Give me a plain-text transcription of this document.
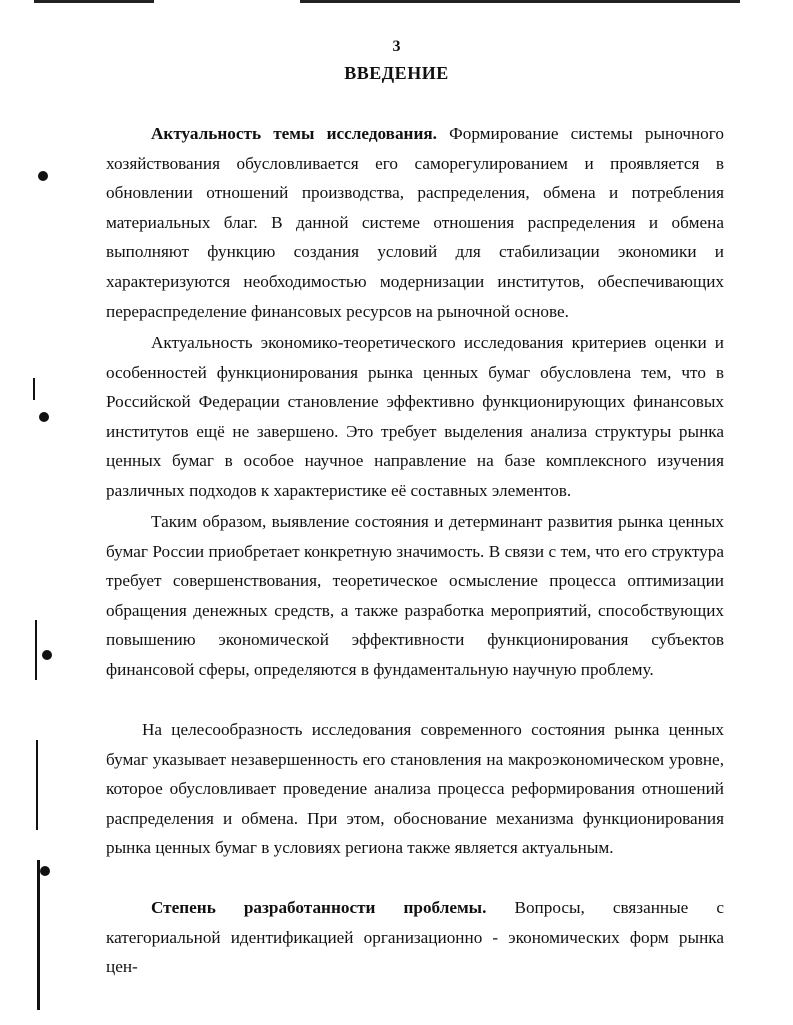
3
ВВЕДЕНИЕ

Актуальность темы исследования. Формирование системы рыночного хозяйствования обусловливается его саморегулированием и проявляется в обновлении отношений производства, распределения, обмена и потребления материальных благ. В данной системе отношения распределения и обмена выполняют функцию создания условий для стабилизации экономики и характеризуются необходимостью модернизации институтов, обеспечивающих перераспределение финансовых ресурсов на рыночной основе.

Актуальность экономико-теоретического исследования критериев оценки и особенностей функционирования рынка ценных бумаг обусловлена тем, что в Российской Федерации становление эффективно функционирующих финансовых институтов ещё не завершено. Это требует выделения анализа структуры рынка ценных бумаг в особое научное направление на базе комплексного изучения различных подходов к характеристике её составных элементов.

Таким образом, выявление состояния и детерминант развития рынка ценных бумаг России приобретает конкретную значимость. В связи с тем, что его структура требует совершенствования, теоретическое осмысление процесса оптимизации обращения денежных средств, а также разработка мероприятий, способствующих повышению экономической эффективности функционирования субъектов финансовой сферы, определяются в фундаментальную научную проблему.

На целесообразность исследования современного состояния рынка ценных бумаг указывает незавершенность его становления на макроэкономическом уровне, которое обусловливает проведение анализа процесса реформирования отношений распределения и обмена. При этом, обоснование механизма функционирования рынка ценных бумаг в условиях региона также является актуальным.

Степень разработанности проблемы. Вопросы, связанные с категориальной идентификацией организационно - экономических форм рынка цен-
